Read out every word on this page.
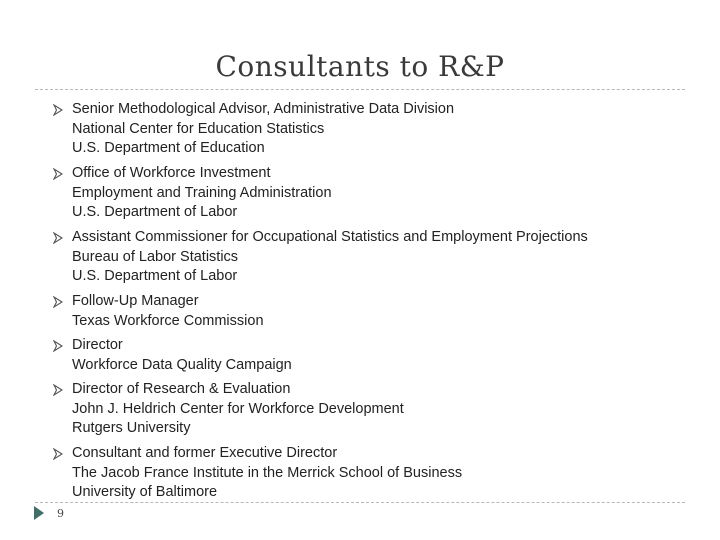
Consultants to R&P
Senior Methodological Advisor, Administrative Data Division
National Center for Education Statistics
U.S. Department of Education
Office of Workforce Investment
Employment and Training Administration
U.S. Department of Labor
Assistant Commissioner for Occupational Statistics and Employment Projections
Bureau of Labor Statistics
U.S. Department of Labor
Follow-Up Manager
Texas Workforce Commission
Director
Workforce Data Quality Campaign
Director of Research & Evaluation
John J. Heldrich Center for Workforce Development
Rutgers University
Consultant and former Executive Director
The Jacob France Institute in the Merrick School of Business
University of Baltimore
9
